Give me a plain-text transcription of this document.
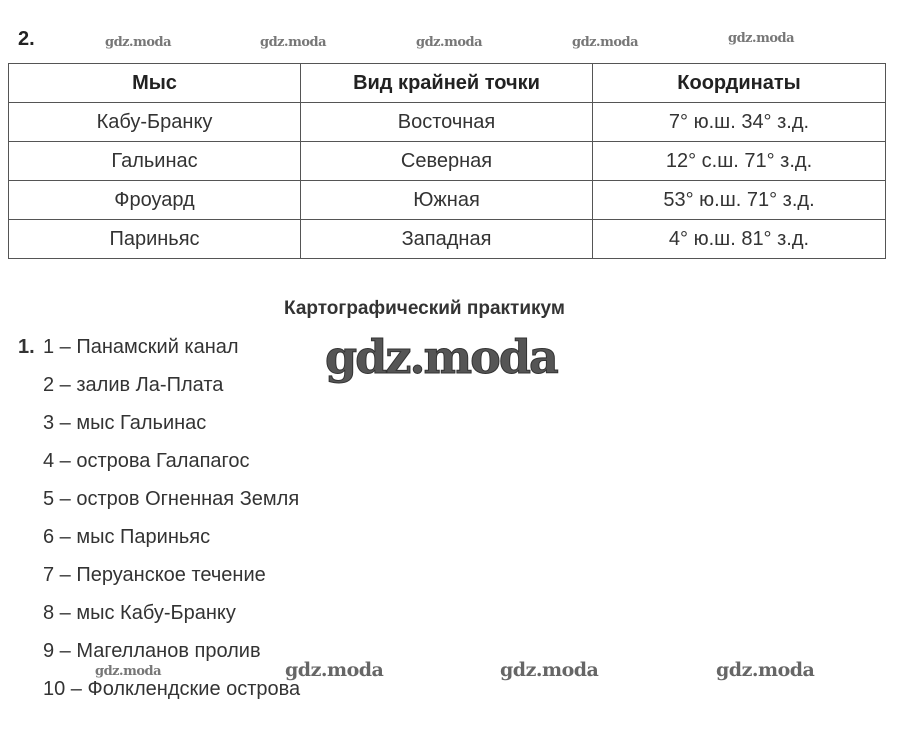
2.	gdz.moda	gdz.moda	gdz.moda	gdz.moda	gdz.moda
Мыс	Вид крайней точки	Координаты
Кабу-Бранку	Восточная	7° ю.ш. 34° з.д.
Гальинас	Северная	12° с.ш. 71° з.д.
Фроуард	Южная	53° ю.ш. 71° з.д.
Париньяс	Западная	4° ю.ш. 81° з.д.
Картографический практикум
gdz.moda
1. 1 – Панамский канал
2 – залив Ла-Плата
3 – мыс Гальинас
4 – острова Галапагос
5 – остров Огненная Земля
6 – мыс Париньяс
7 – Перуанское течение
8 – мыс Кабу-Бранку
9 – Магелланов пролив
10 – Фолклендские острова
gdz.moda	gdz.moda	gdz.moda	gdz.moda
